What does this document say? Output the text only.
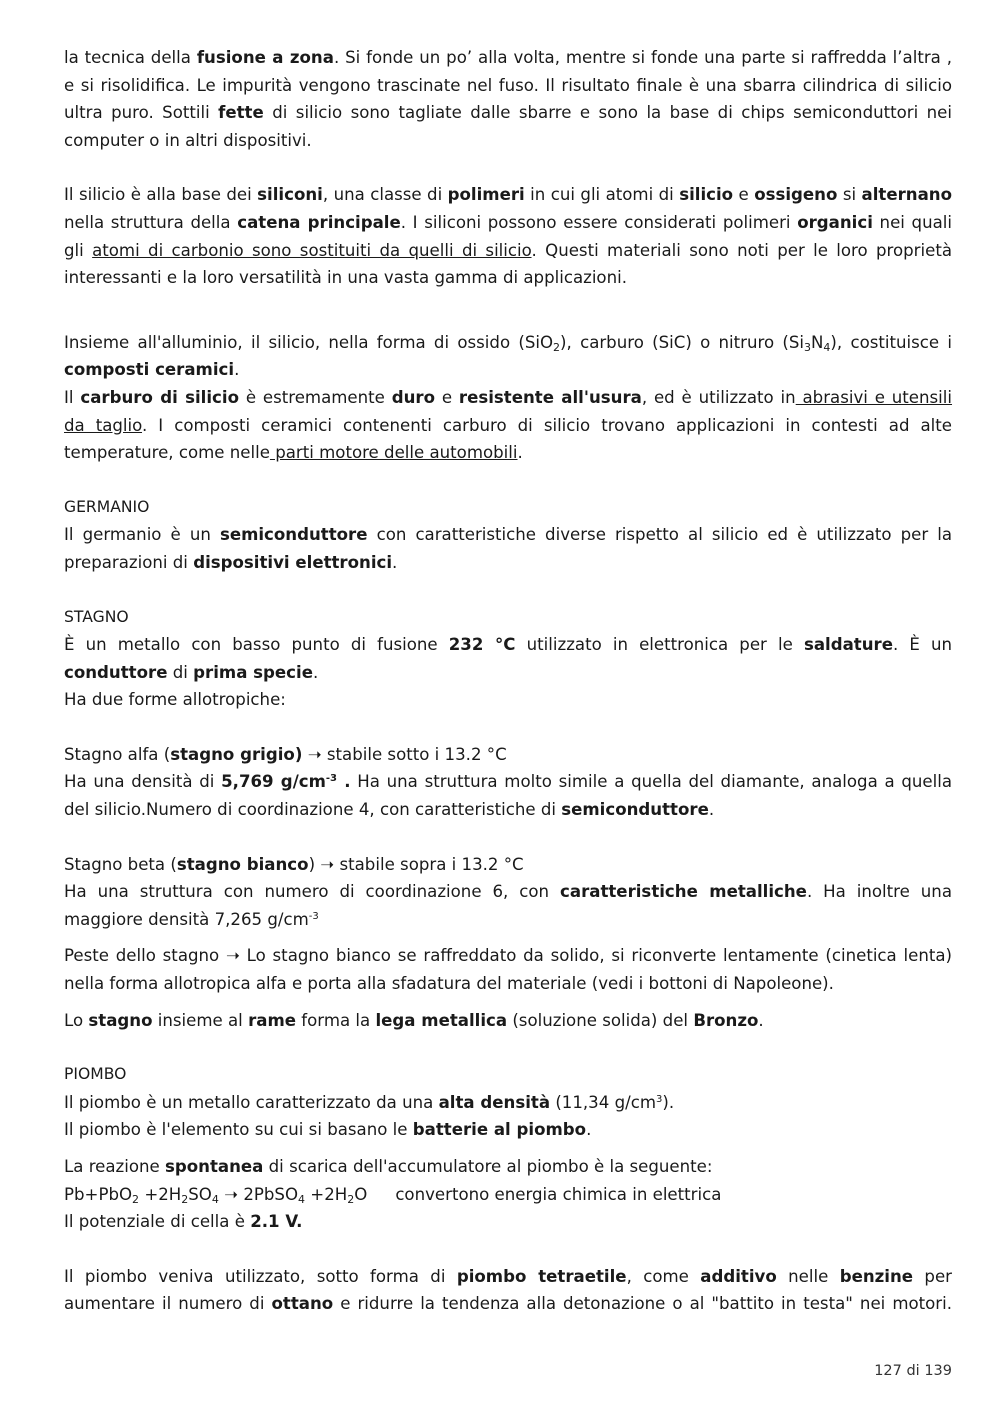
la tecnica della fusione a zona. Si fonde un po’ alla volta, mentre si fonde una parte si raffredda l’altra , e si risolidifica. Le impurità vengono trascinate nel fuso. Il risultato finale è una sbarra cilindrica di silicio ultra puro. Sottili fette di silicio sono tagliate dalle sbarre e sono la base di chips semiconduttori nei computer o in altri dispositivi.

Il silicio è alla base dei siliconi, una classe di polimeri in cui gli atomi di silicio e ossigeno si alternano nella struttura della catena principale. I siliconi possono essere considerati polimeri organici nei quali gli atomi di carbonio sono sostituiti da quelli di silicio. Questi materiali sono noti per le loro proprietà interessanti e la loro versatilità in una vasta gamma di applicazioni.

Insieme all'alluminio, il silicio, nella forma di ossido (SiO$_2$), carburo (SiC) o nitruro $(Si_3N_4)$, costituisce i composti ceramici.

Il carburo di silicio è estremamente duro e resistente all'usura, ed è utilizzato in abrasivi e utensili da taglio. I composti ceramici contenenti carburo di silicio trovano applicazioni in contesti ad alte temperature, come nelle parti motore delle automobili.

GERMANIO

Il germanio è un semiconduttore con caratteristiche diverse rispetto al silicio ed è utilizzato per la preparazioni di dispositivi elettronici.

STAGNO

È un metallo con basso punto di fusione 232 °C utilizzato in elettronica per le saldature. È un conduttore di prima specie.

Ha due forme allotropiche:

Stagno alfa (stagno grigio) ➝ stabile sotto i 13.2 °C

Ha una densità di 5,769 $g/cm^{-3}$ . Ha una struttura molto simile a quella del diamante, analoga a quella del silicio.Numero di coordinazione 4, con caratteristiche di semiconduttore.

Stagno beta (stagno bianco) ➝ stabile sopra i 13.2 °C

Ha una struttura con numero di coordinazione 6, con caratteristiche metalliche. Ha inoltre una maggiore densità 7,265 $g/cm^{-3}$

Peste dello stagno ➝ Lo stagno bianco se raffreddato da solido, si riconverte lentamente (cinetica lenta) nella forma allotropica alfa e porta alla sfadatura del materiale (vedi i bottoni di Napoleone).

Lo stagno insieme al rame forma la lega metallica (soluzione solida) del Bronzo.

PIOMBO

Il piombo è un metallo caratterizzato da una alta densità (11,34 $g/cm^3$).

Il piombo è l'elemento su cui si basano le batterie al piombo.

La reazione spontanea di scarica dell'accumulatore al piombo è la seguente:

$Pb+PbO_2 +2H_2SO_4$ ➝ 2PbSO$_4$ $+2H_2O$ convertono energia chimica in elettrica

Il potenziale di cella è 2.1 V.

Il piombo veniva utilizzato, sotto forma di piombo tetraetile, come additivo nelle benzine per aumentare il numero di ottano e ridurre la tendenza alla detonazione o al "battito in testa" nei motori.

127 di 139
